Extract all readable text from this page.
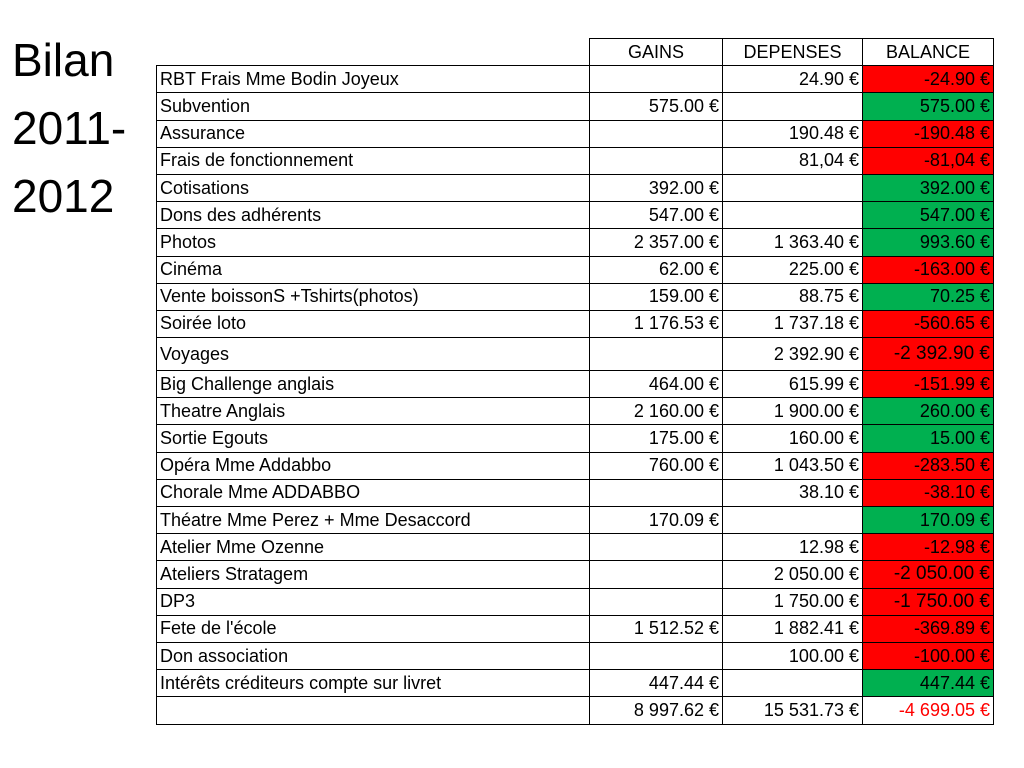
Bilan
2011-
2012
	GAINS	DEPENSES	BALANCE
RBT Frais Mme Bodin Joyeux		24.90 €	-24.90 €
Subvention	575.00 €		575.00 €
Assurance		190.48 €	-190.48 €
Frais de fonctionnement		81,04 €	-81,04 €
Cotisations	392.00 €		392.00 €
Dons des adhérents	547.00 €		547.00 €
Photos	2 357.00 €	1 363.40 €	993.60 €
Cinéma	62.00 €	225.00 €	-163.00 €
Vente boissonS +Tshirts(photos)	159.00 €	88.75 €	70.25 €
Soirée loto	1 176.53 €	1 737.18 €	-560.65 €
Voyages		2 392.90 €	-2 392.90 €
Big Challenge anglais	464.00 €	615.99 €	-151.99 €
Theatre Anglais	2 160.00 €	1 900.00 €	260.00 €
Sortie Egouts	175.00 €	160.00 €	15.00 €
Opéra Mme Addabbo	760.00 €	1 043.50 €	-283.50 €
Chorale Mme ADDABBO		38.10 €	-38.10 €
Théatre Mme Perez + Mme Desaccord	170.09 €		170.09 €
Atelier Mme Ozenne		12.98 €	-12.98 €
Ateliers Stratagem		2 050.00 €	-2 050.00 €
DP3		1 750.00 €	-1 750.00 €
Fete de l'école	1 512.52 €	1 882.41 €	-369.89 €
Don association		100.00 €	-100.00 €
Intérêts créditeurs compte sur livret	447.44 €		447.44 €
	8 997.62 €	15 531.73 €	-4 699.05 €
